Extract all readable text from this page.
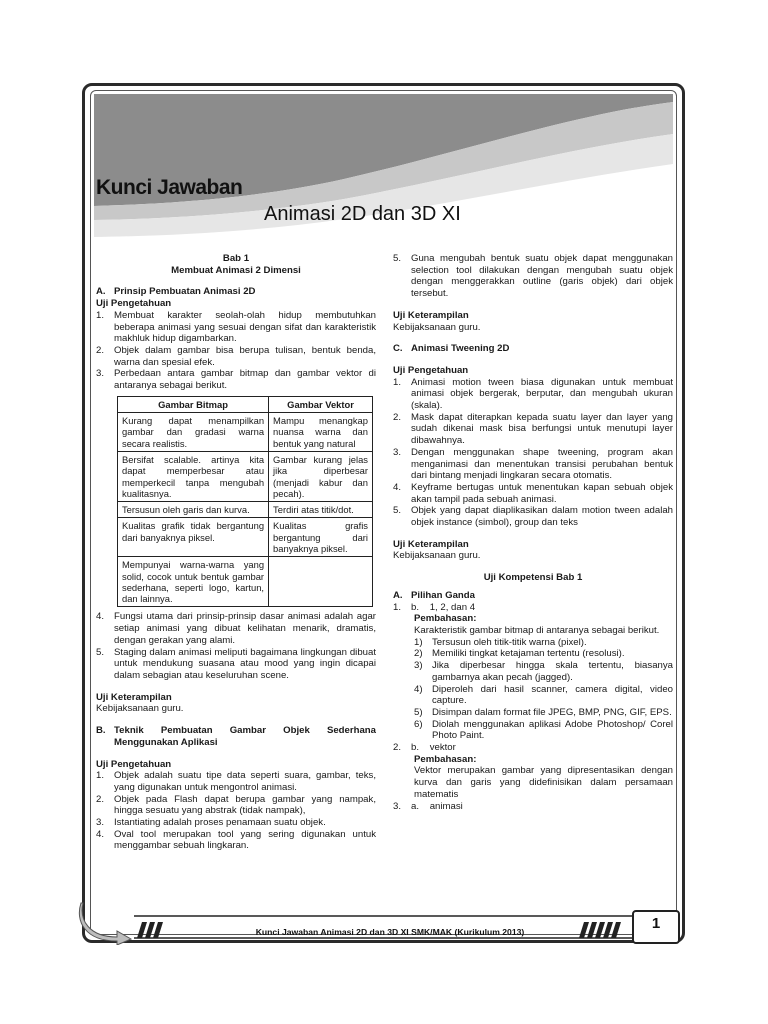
Kunci Jawaban
Animasi 2D dan 3D XI
Bab 1
Membuat Animasi 2 Dimensi
A. Prinsip Pembuatan Animasi 2D
Uji Pengetahuan
1.	Membuat karakter seolah-olah hidup membutuhkan beberapa animasi yang sesuai dengan sifat dan karakteristik makhluk hidup digambarkan.
2.	Objek dalam gambar bisa berupa tulisan, bentuk benda, warna dan spesial efek.
3.	Perbedaan antara gambar bitmap dan gambar vektor di antaranya sebagai berikut.
Gambar Bitmap	Gambar Vektor
Kurang dapat menampilkan gambar dan gradasi warna secara realistis.	Mampu menangkap nuansa warna dan bentuk yang natural
Bersifat scalable. artinya kita dapat memperbesar atau memperkecil tanpa mengubah kualitasnya.	Gambar kurang jelas jika diperbesar (menjadi kabur dan pecah).
Tersusun oleh garis dan kurva.	Terdiri atas titik/dot.
Kualitas grafik tidak bergantung dari banyaknya piksel.	Kualitas grafis bergantung dari banyaknya piksel.
Mempunyai warna-warna yang solid, cocok untuk bentuk gambar sederhana, seperti logo, kartun, dan lainnya.	
4.	Fungsi utama dari prinsip-prinsip dasar animasi adalah agar setiap animasi yang dibuat kelihatan menarik, dramatis, dengan gerakan yang alami.
5.	Staging dalam animasi meliputi bagaimana lingkungan dibuat untuk mendukung suasana atau mood yang ingin dicapai dalam sebagian atau keseluruhan scene.
Uji Keterampilan
Kebijaksanaan guru.
B. Teknik Pembuatan Gambar Objek Sederhana Menggunakan Aplikasi
Uji Pengetahuan
1.	Objek adalah suatu tipe data seperti suara, gambar, teks, yang digunakan untuk mengontrol animasi.
2.	Objek pada Flash dapat berupa gambar yang nampak, hingga sesuatu yang abstrak (tidak nampak),
3.	Istantiating adalah proses penamaan suatu objek.
4.	Oval tool merupakan tool yang sering digunakan untuk menggambar sebuah lingkaran.
5.	Guna mengubah bentuk suatu objek dapat menggunakan selection tool dilakukan dengan mengubah suatu objek dengan menggerakkan outline (garis objek) dari objek tersebut.
Uji Keterampilan
Kebijaksanaan guru.
C. Animasi Tweening 2D
Uji Pengetahuan
1.	Animasi motion tween biasa digunakan untuk membuat animasi objek bergerak, berputar, dan mengubah ukuran (skala).
2.	Mask dapat diterapkan kepada suatu layer dan layer yang sudah dikenai mask bisa berfungsi untuk menutupi layer dibawahnya.
3.	Dengan menggunakan shape tweening, program akan menganimasi dan menentukan transisi perubahan bentuk dari bintang menjadi lingkaran secara otomatis.
4.	Keyframe bertugas untuk menentukan kapan sebuah objek akan tampil pada sebuah animasi.
5.	Objek yang dapat diaplikasikan dalam motion tween adalah objek instance (simbol), group dan teks
Uji Keterampilan
Kebijaksanaan guru.
Uji Kompetensi Bab 1
A. Pilihan Ganda
1.	b. 1, 2, dan 4
Pembahasan:
Karakteristik gambar bitmap di antaranya sebagai berikut.
1) Tersusun oleh titik-titik warna (pixel).
2) Memiliki tingkat ketajaman tertentu (resolusi).
3) Jika diperbesar hingga skala tertentu, biasanya gambarnya akan pecah (jagged).
4) Diperoleh dari hasil scanner, camera digital, video capture.
5) Disimpan dalam format file JPEG, BMP, PNG, GIF, EPS.
6) Diolah menggunakan aplikasi Adobe Photoshop/ Corel Photo Paint.
2.	b. vektor
Pembahasan:
Vektor merupakan gambar yang dipresentasikan dengan kurva dan garis yang didefinisikan dalam persamaan matematis
3.	a. animasi
Kunci Jawaban Animasi 2D dan 3D XI SMK/MAK (Kurikulum 2013)	1
